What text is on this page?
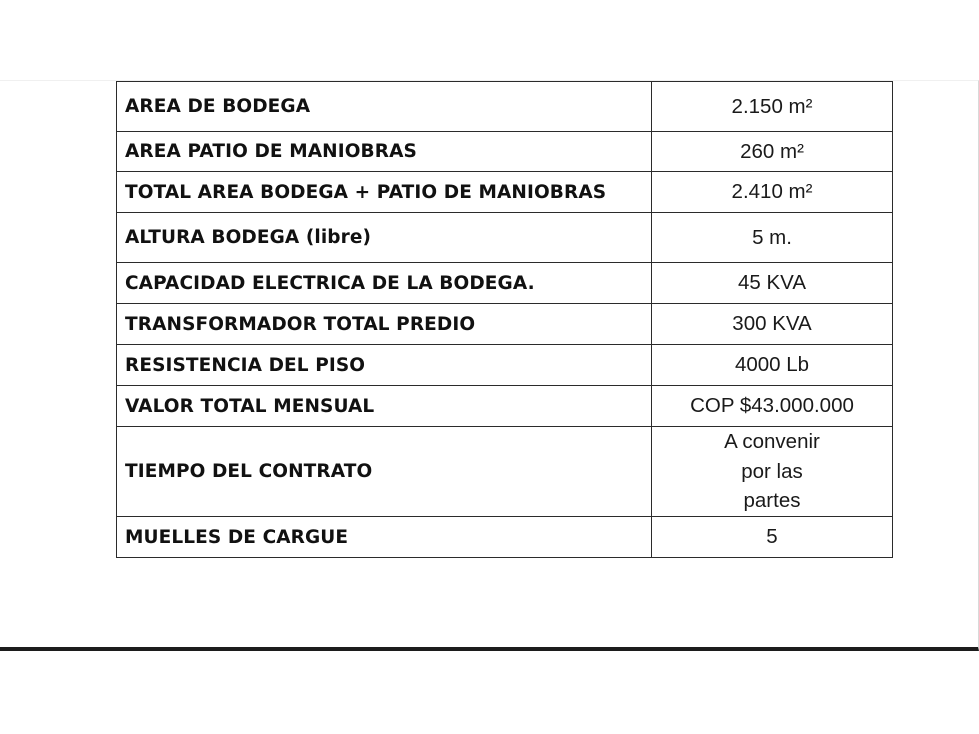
AREA DE BODEGA	2.150 m²
AREA PATIO DE MANIOBRAS	260 m²
TOTAL AREA BODEGA + PATIO DE MANIOBRAS	2.410 m²
ALTURA BODEGA (libre)	5 m.
CAPACIDAD ELECTRICA DE LA BODEGA.	45 KVA
TRANSFORMADOR TOTAL PREDIO	300 KVA
RESISTENCIA DEL PISO	4000 Lb
VALOR TOTAL MENSUAL	COP $43.000.000
TIEMPO DEL CONTRATO	A convenir por las partes
MUELLES DE CARGUE	5
